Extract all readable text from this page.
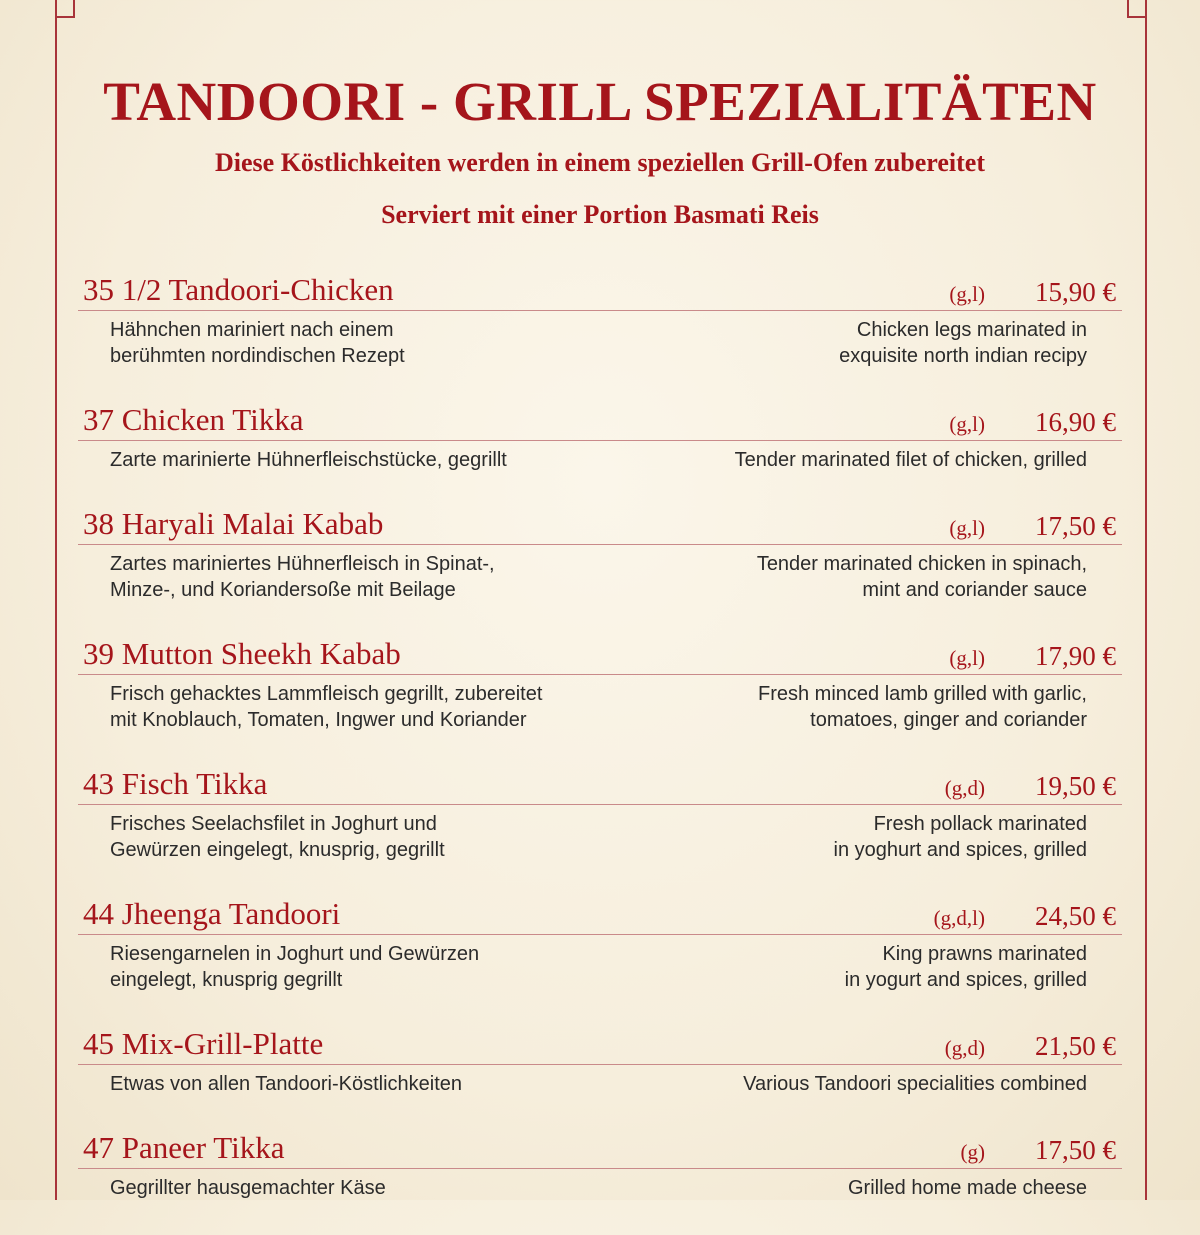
TANDOORI - GRILL SPEZIALITÄTEN

Diese Köstlichkeiten werden in einem speziellen Grill-Ofen zubereitet

Serviert mit einer Portion Basmati Reis

35 1/2 Tandoori-Chicken	(g,l) 15,90 €
Hähnchen mariniert nach einem
berühmten nordindischen Rezept
Chicken legs marinated in
exquisite north indian recipy
37 Chicken Tikka	(g,l) 16,90 €
Zarte marinierte Hühnerfleischstücke, gegrillt	Tender marinated filet of chicken, grilled
38 Haryali Malai Kabab	(g,l) 17,50 €
Zartes mariniertes Hühnerfleisch in Spinat-,
Minze-, und Koriandersoße mit Beilage
Tender marinated chicken in spinach,
mint and coriander sauce
39 Mutton Sheekh Kabab	(g,l) 17,90 €
Frisch gehacktes Lammfleisch gegrillt, zubereitet
mit Knoblauch, Tomaten, Ingwer und Koriander
Fresh minced lamb grilled with garlic,
tomatoes, ginger and coriander
43 Fisch Tikka	(g,d) 19,50 €
Frisches Seelachsfilet in Joghurt und
Gewürzen eingelegt, knusprig, gegrillt
Fresh pollack marinated
in yoghurt and spices, grilled
44 Jheenga Tandoori	(g,d,l) 24,50 €
Riesengarnelen in Joghurt und Gewürzen
eingelegt, knusprig gegrillt
King prawns marinated
in yogurt and spices, grilled
45 Mix-Grill-Platte	(g,d) 21,50 €
Etwas von allen Tandoori-Köstlichkeiten	Various Tandoori specialities combined
47 Paneer Tikka	(g) 17,50 €
Gegrillter hausgemachter Käse	Grilled home made cheese
